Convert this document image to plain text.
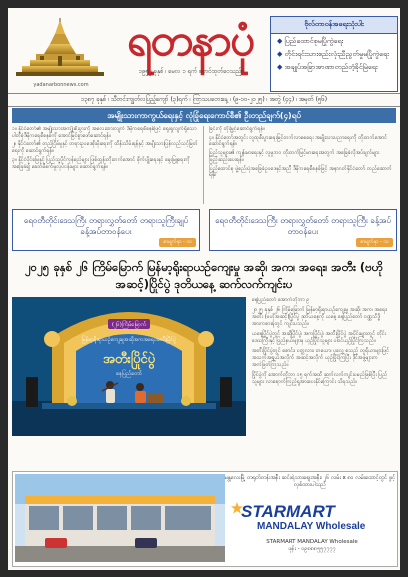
yadanarbonnews.com
ရတနာပုံ
၁၉၅၂ ခုနှစ် ၊ မေလ ၁ ရက် စတင်ထုတ်ဝေသည်။
ဗိုလ်တာဝန်အရေးသုံးပါး
◆ ပြည်ထောင်စုမပြိုကွဲရေး
◆ တိုင်းရင်းသားစည်းလုံးညီညွတ်မှုမပြိုကွဲရေး
◆ အချုပ်အခြာအာဏာတည်တံ့ခိုင်မြဲရေး
၁၃၈၇ ခုနှစ် ၊ သီတင်းကျွတ်လပြည့်ကျော် (၃)ရက် ၊ ကြာသပတေးနေ့ ၊ (၉-၁၀-၂၀၂၅) ၊ အတွဲ (၄၄) ၊ အမှတ် (၅၆)
အမျိုးသားကာကွယ်ရေးနှင့် လုံခြုံရေးကောင်စီ၏ ဦးတည်ချက်(၄)ရပ်

၁။ နိုင်ငံတော်၏ အမျိုးသားအကျိုးစီးပွားကို အလေးထားလျက် ဒီမိုကရေစီစနစ်ဖြင့် ရှေးရှုလျက်ရှိသော ပါတီစုံဒီမိုကရေစီစနစ်ကို အောင်မြင်စွာဖော်ဆောင်ရန်။

၂။ နိုင်ငံတော်၏ တည်ငြိမ်မှုနှင့် တရားဥပဒေစိုးမိုးရေးကို ထိန်းသိမ်းရန်နှင့် အမျိုးသားပြန်လည်သင့်မြတ်ရေးကို ဆောင်ရွက်ရန်။

၃။ နိုင်ငံပိုင်မြေနှင့် ပြည်သူ့ပိုင်ကုန်စည်များ ဖြစ်ထွန်းတိုးတက်အောင် စိုက်ပျိုးရေးနှင့် မွေးမြူရေးကို အခြေခံ၍ ခေတ်မီစက်မှုလုပ်ငန်းများ ဆောင်ရွက်ရန်။

ခြင်းကို တိုးမြှင့်ဆောင်ရွက်ရန်။

၄။ နိုင်ငံတော်အတွင်း လူထုစီးပွားရေးမြင့်တက်လာစေရေး အမျိုးသားပညာရေးကို တိုးတက်အောင်ဆောင်ရွက်ရန်။

ပြည်သူများ၏ ကျန်းမာရေးနှင့် လူမှုဘဝ တိုးတက်မြင့်မားရေးအတွက် အခြေခံလိုအပ်ချက်များ ဖြည့်ဆည်းပေးရန်။

ပြည်ထောင်စု ဖွဲ့စည်းပုံအခြေခံဥပဒေနှင့်အညီ ဒီမိုကရေစီစနစ်ဖြင့် အနာဂတ်နိုင်ငံတော် တည်ဆောက်ရန်။

ရေဝတီတိုင်းဒေသကြီး တရားလွှတ်တော် တရားသူကြီးချုပ် ခန့်အပ်တာဝန်ပေး
စာမျက်နှာ - ၁၀
ရေဝတီတိုင်းဒေသကြီး တရားလွှတ်တော် တရားသူကြီး ခန့်အပ်တာဝန်ပေး
စာမျက်နှာ - ၁၀
၂၀၂၅ ခုနှစ် ၂၆ ကြိမ်မြောက် မြန်မာ့ရိုးရာယဉ်ကျေးမှု အဆို၊ အက၊ အရေး၊ အတီး (ဗဟိုအဆင့်)ပြိုင်ပွဲ ဒုတိယနေ့ ဆက်လက်ကျင်းပ
(၂၆)ကြိမ်မြောက်
မြန်မာ့ရိုးရာယဉ်ကျေးမှုအဆိုအကအရေးအတီးပြိုင်ပွဲ
အတီးပြိုင်ပွဲ
နေပြည်တော်

နေပြည်တော် အောက်တိုဘာ ၉

၂၀၂၅ ခုနှစ် ၂၆ ကြိမ်မြောက် မြန်မာ့ရိုးရာယဉ်ကျေးမှု အဆို၊ အက၊ အရေး၊ အတီး (ဗဟိုအဆင့်)ပြိုင်ပွဲ ဒုတိယနေ့ကို ယနေ့ နေပြည်တော် ဝဏ္ဏသိဒ္ဓိ အားကစားရုံတွင် ကျင်းပသည်။

ယနေ့ပြိုင်ပွဲတွင် အဆိုပြိုင်ပွဲ၊ အကပြိုင်ပွဲ၊ အတီးပြိုင်ပွဲ အပိုင်းများတွင် တိုင်းဒေသကြီးနှင့် ပြည်နယ်များမှ ယှဉ်ပြိုင်သူများ ပါဝင်ယှဉ်ပြိုင်ကြသည်။

အတီးပြိုင်ပွဲတွင် စောင်း၊ ပတ္တလား၊ တယော၊ ပုလွေ စသည့် တူရိယာများဖြင့် အသက်အရွယ်အလိုက် အဆင့်အလိုက် ယှဉ်ပြိုင်ကြပြီး ဒိုင်အဖွဲ့များက အကဲဖြတ်ကြသည်။

ပြိုင်ပွဲကို အောက်တိုဘာ ၁၅ ရက်အထိ ဆက်လက်ကျင်းပမည်ဖြစ်ပြီး ပြည်သူများ လာရောက်ကြည့်ရှုအားပေးနိုင်ကြောင်း သိရသည်။

မန္တလေးမြို့ တရုတ်တန်းအနီး ဆင်းရဲသားဈေးအနီး၊ ၂၆ လမ်း x ၈၀ လမ်းထောင့်တွင် ဖွင့်လှစ်ထားပါသည်
STARMART
MANDALAY Wholesale
STARMART MANDALAY Wholesale
ဖုန်း - ၀၉၈၈၈၅၅၇၇၇၇
